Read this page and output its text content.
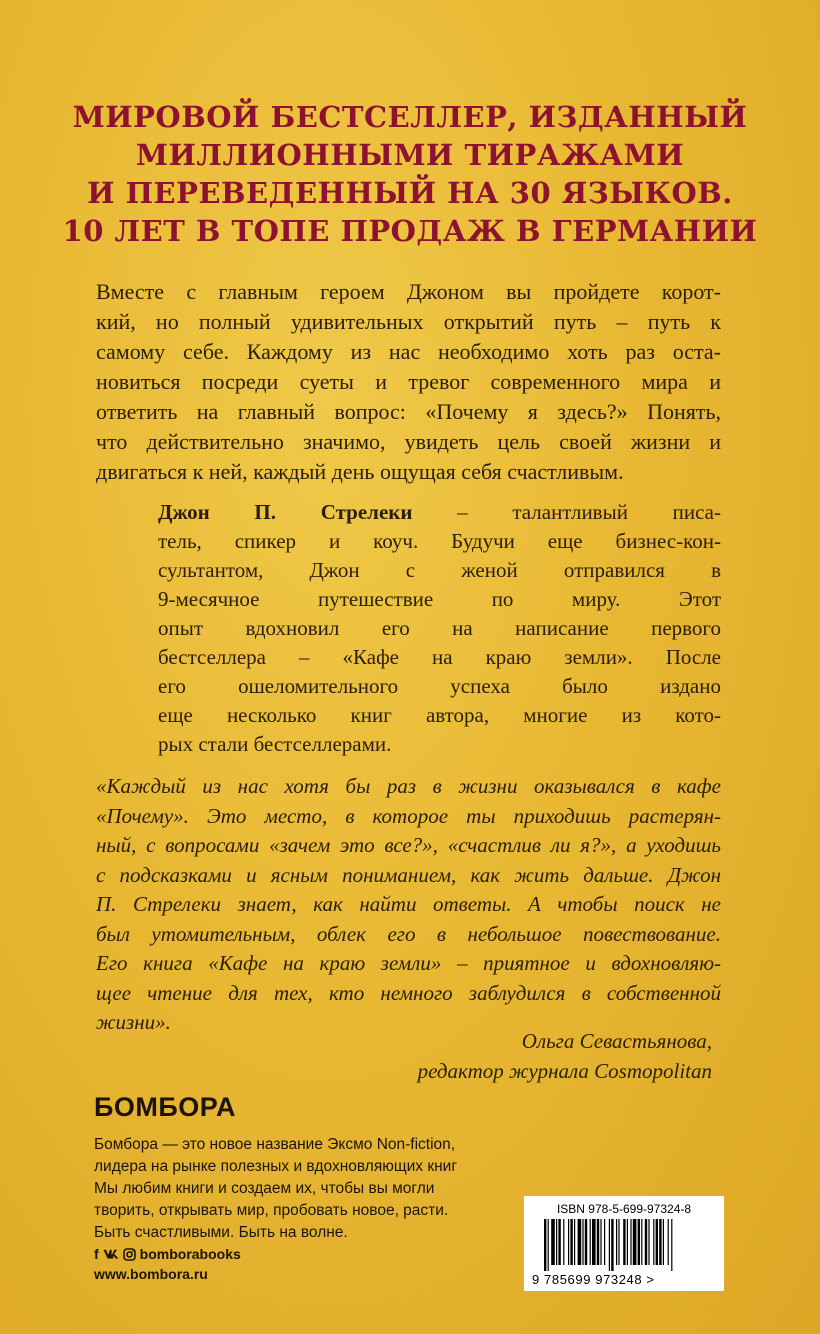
МИРОВОЙ БЕСТСЕЛЛЕР, ИЗДАННЫЙ
МИЛЛИОННЫМИ ТИРАЖАМИ
И ПЕРЕВЕДЕННЫЙ НА 30 ЯЗЫКОВ.
10 ЛЕТ В ТОПЕ ПРОДАЖ В ГЕРМАНИИ
Вместе с главным героем Джоном вы пройдете корот-
кий, но полный удивительных открытий путь – путь к
самому себе. Каждому из нас необходимо хоть раз оста-
новиться посреди суеты и тревог современного мира и
ответить на главный вопрос: «Почему я здесь?» Понять,
что действительно значимо, увидеть цель своей жизни и
двигаться к ней, каждый день ощущая себя счастливым.
Джон П. Стрелеки – талантливый писа-
тель, спикер и коуч. Будучи еще бизнес-кон-
сультантом, Джон с женой отправился в
9-месячное путешествие по миру. Этот
опыт вдохновил его на написание первого
бестселлера – «Кафе на краю земли». После
его ошеломительного успеха было издано
еще несколько книг автора, многие из кото-
рых стали бестселлерами.
«Каждый из нас хотя бы раз в жизни оказывался в кафе
«Почему». Это место, в которое ты приходишь растерян-
ный, с вопросами «зачем это все?», «счастлив ли я?», а уходишь
с подсказками и ясным пониманием, как жить дальше. Джон
П. Стрелеки знает, как найти ответы. А чтобы поиск не
был утомительным, облек его в небольшое повествование.
Его книга «Кафе на краю земли» – приятное и вдохновляю-
щее чтение для тех, кто немного заблудился в собственной
жизни».
Ольга Севастьянова,
редактор журнала Cosmopolitan
БОМБОРА
Бомбора — это новое название Эксмо Non-fiction,
лидера на рынке полезных и вдохновляющих книг
Мы любим книги и создаем их, чтобы вы могли
творить, открывать мир, пробовать новое, расти.
Быть счастливыми. Быть на волне.
f	bomborabooks
www.bombora.ru
ISBN 978-5-699-97324-8
9 785699 973248 >
